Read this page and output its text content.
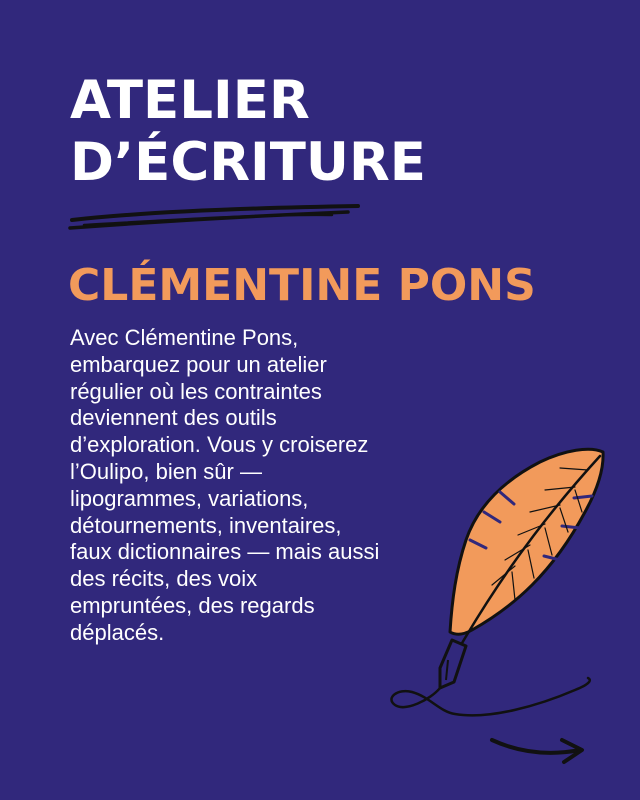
ATELIER
D’ÉCRITURE
CLÉMENTINE PONS
Avec Clémentine Pons,
embarquez pour un atelier
régulier où les contraintes
deviennent des outils
d’exploration. Vous y croiserez
l’Oulipo, bien sûr —
lipogrammes, variations,
détournements, inventaires,
faux dictionnaires — mais aussi
des récits, des voix
empruntées, des regards
déplacés.
